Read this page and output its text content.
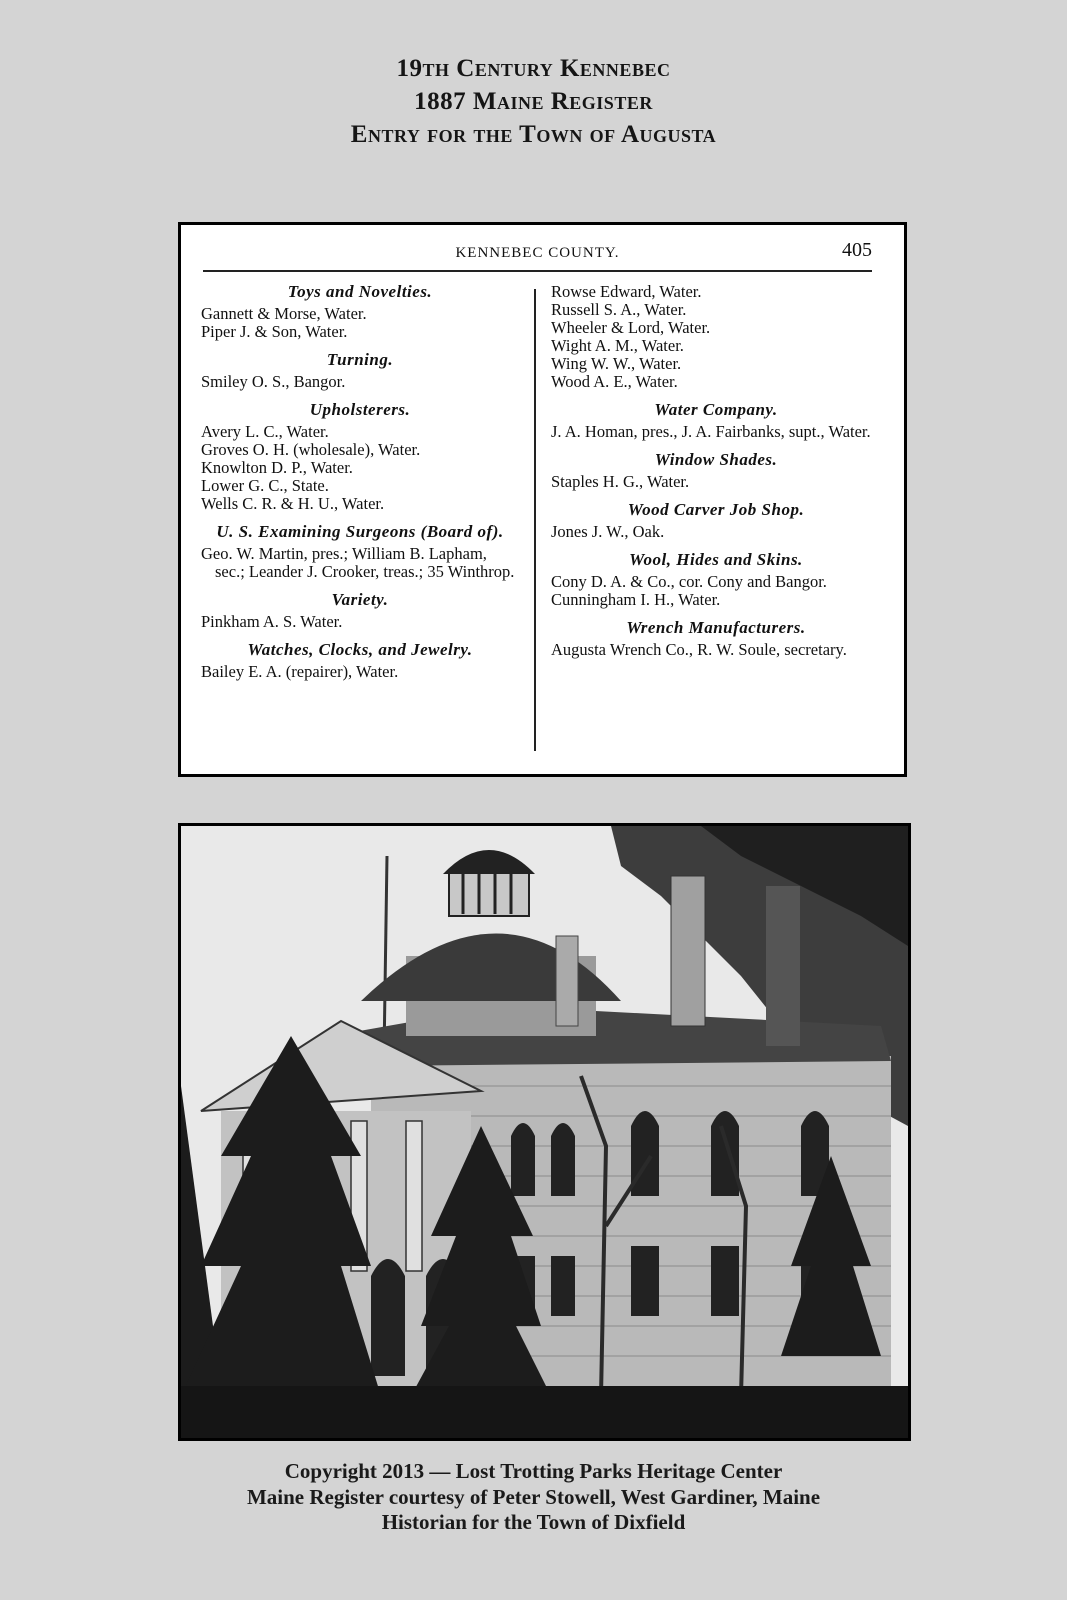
19th Century Kennebec
1887 Maine Register
Entry for the Town of Augusta
KENNEBEC COUNTY.	405
Toys and Novelties.
Gannett & Morse, Water.
Piper J. & Son, Water.
Turning.
Smiley O. S., Bangor.
Upholsterers.
Avery L. C., Water.
Groves O. H. (wholesale), Water.
Knowlton D. P., Water.
Lower G. C., State.
Wells C. R. & H. U., Water.
U. S. Examining Surgeons (Board of).
Geo. W. Martin, pres.; William B. Lapham, sec.; Leander J. Crooker, treas.; 35 Winthrop.
Variety.
Pinkham A. S. Water.
Watches, Clocks, and Jewelry.
Bailey E. A. (repairer), Water.
Rowse Edward, Water.
Russell S. A., Water.
Wheeler & Lord, Water.
Wight A. M., Water.
Wing W. W., Water.
Wood A. E., Water.
Water Company.
J. A. Homan, pres., J. A. Fairbanks, supt., Water.
Window Shades.
Staples H. G., Water.
Wood Carver Job Shop.
Jones J. W., Oak.
Wool, Hides and Skins.
Cony D. A. & Co., cor. Cony and Bangor.
Cunningham I. H., Water.
Wrench Manufacturers.
Augusta Wrench Co., R. W. Soule, secretary.
Copyright 2013 — Lost Trotting Parks Heritage Center
Maine Register courtesy of Peter Stowell, West Gardiner, Maine
Historian for the Town of Dixfield
